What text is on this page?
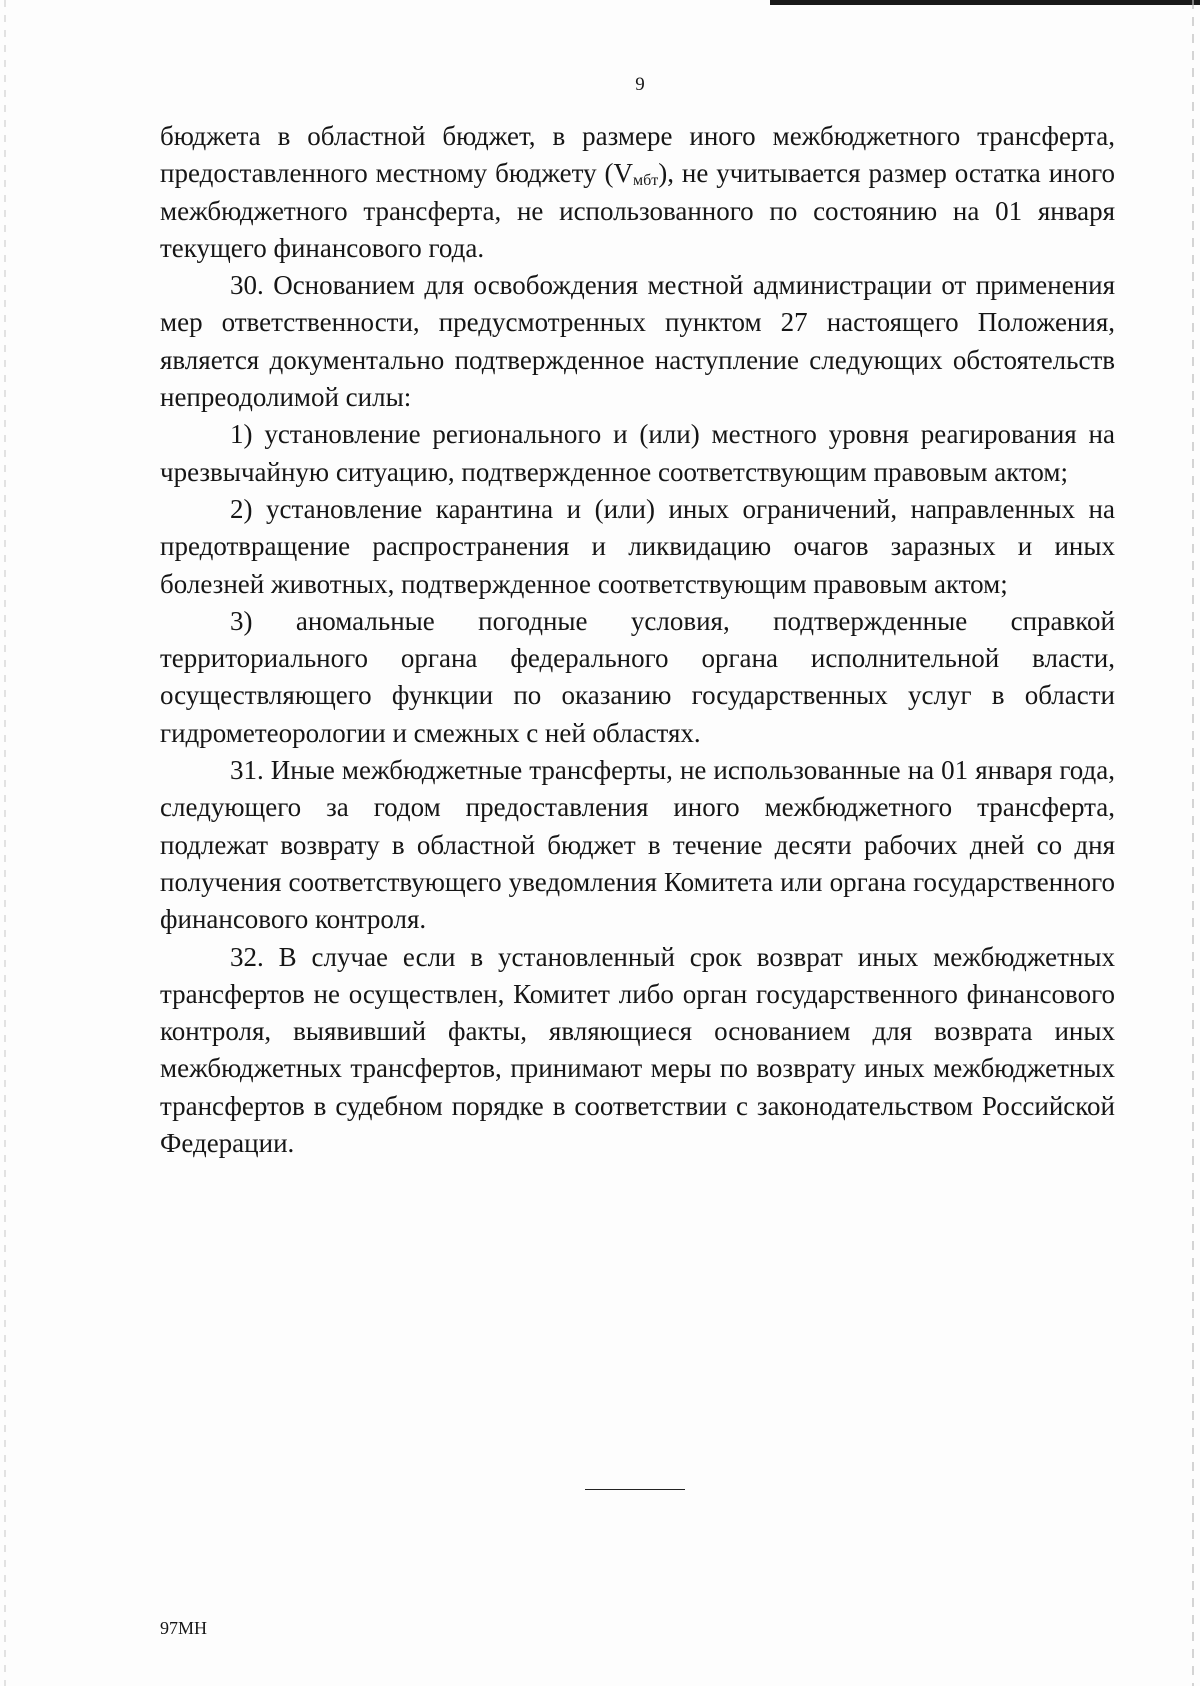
9

бюджета в областной бюджет, в размере иного межбюджетного трансферта, предоставленного местному бюджету $(V_{мбт})$, не учитывается размер остатка иного межбюджетного трансферта, не использованного по состоянию на 01 января текущего финансового года.

30. Основанием для освобождения местной администрации от применения мер ответственности, предусмотренных пунктом 27 настоящего Положения, является документально подтвержденное наступление следующих обстоятельств непреодолимой силы:

1) установление регионального и (или) местного уровня реагирования на чрезвычайную ситуацию, подтвержденное соответствующим правовым актом;

2) установление карантина и (или) иных ограничений, направленных на предотвращение распространения и ликвидацию очагов заразных и иных болезней животных, подтвержденное соответствующим правовым актом;

3) аномальные погодные условия, подтвержденные справкой территориального органа федерального органа исполнительной власти, осуществляющего функции по оказанию государственных услуг в области гидрометеорологии и смежных с ней областях.

31. Иные межбюджетные трансферты, не использованные на 01 января года, следующего за годом предоставления иного межбюджетного трансферта, подлежат возврату в областной бюджет в течение десяти рабочих дней со дня получения соответствующего уведомления Комитета или органа государственного финансового контроля.

32. В случае если в установленный срок возврат иных межбюджетных трансфертов не осуществлен, Комитет либо орган государственного финансового контроля, выявивший факты, являющиеся основанием для возврата иных межбюджетных трансфертов, принимают меры по возврату иных межбюджетных трансфертов в судебном порядке в соответствии с законодательством Российской Федерации.

97МН
